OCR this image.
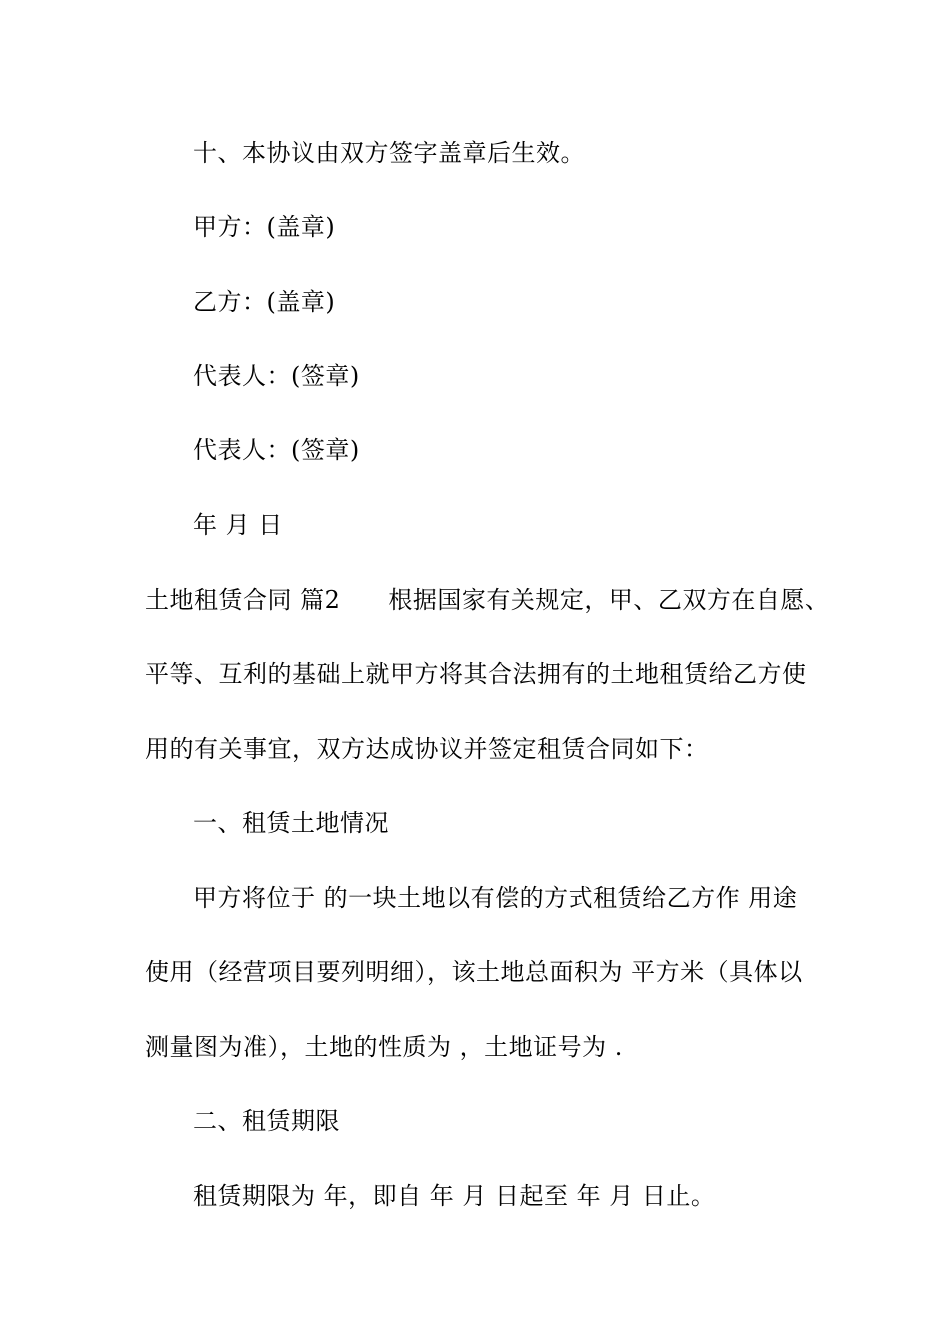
十、本协议由双方签字盖章后生效。
甲方：(盖章)
乙方：(盖章)
代表人：(签章)
代表人：(签章)
年 月 日
土地租赁合同 篇2 根据国家有关规定，甲、乙双方在自愿、
平等、互利的基础上就甲方将其合法拥有的土地租赁给乙方使
用的有关事宜，双方达成协议并签定租赁合同如下：
一、租赁土地情况
甲方将位于 的一块土地以有偿的方式租赁给乙方作 用途
使用（经营项目要列明细），该土地总面积为 平方米（具体以
测量图为准），土地的性质为 ，土地证号为 .
二、租赁期限
租赁期限为 年，即自 年 月 日起至 年 月 日止。
